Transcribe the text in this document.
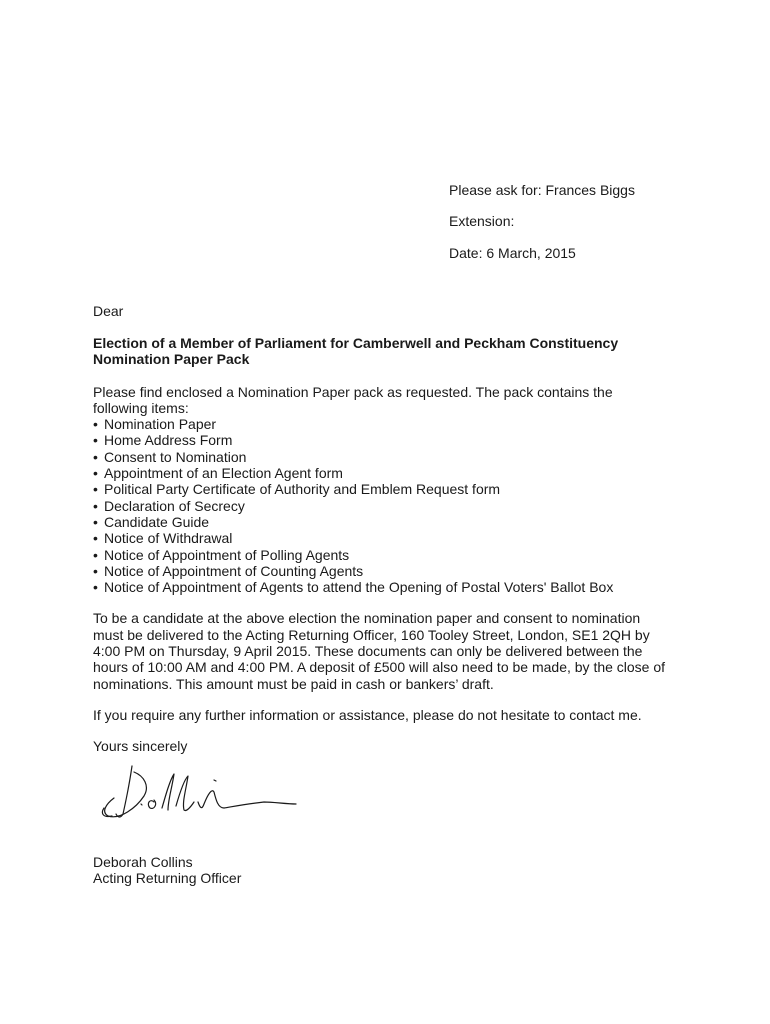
Please ask for: Frances Biggs
Extension:
Date: 6 March, 2015
Dear
Election of a Member of Parliament for Camberwell and Peckham Constituency
Nomination Paper Pack
Please find enclosed a Nomination Paper pack as requested. The pack contains the
following items:
• Nomination Paper
• Home Address Form
• Consent to Nomination
• Appointment of an Election Agent form
• Political Party Certificate of Authority and Emblem Request form
• Declaration of Secrecy
• Candidate Guide
• Notice of Withdrawal
• Notice of Appointment of Polling Agents
• Notice of Appointment of Counting Agents
• Notice of Appointment of Agents to attend the Opening of Postal Voters' Ballot Box
To be a candidate at the above election the nomination paper and consent to nomination
must be delivered to the Acting Returning Officer, 160 Tooley Street, London, SE1 2QH by
4:00 PM on Thursday, 9 April 2015. These documents can only be delivered between the
hours of 10:00 AM and 4:00 PM. A deposit of £500 will also need to be made, by the close of
nominations. This amount must be paid in cash or bankers’ draft.
If you require any further information or assistance, please do not hesitate to contact me.
Yours sincerely
Deborah Collins
Acting Returning Officer
